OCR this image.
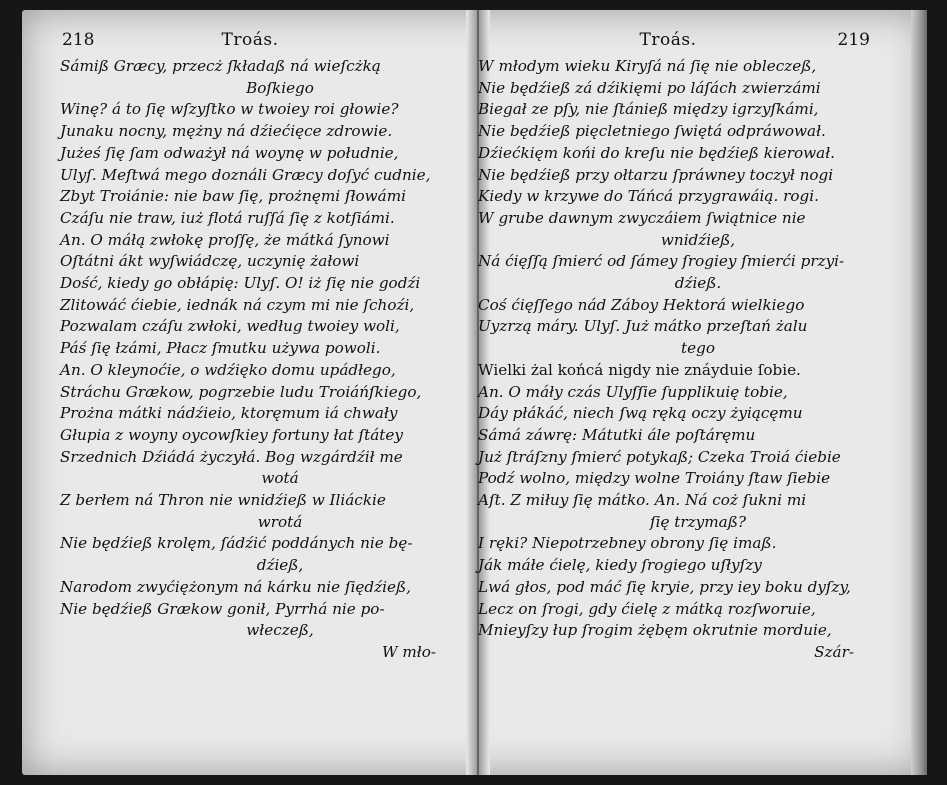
218	Troás.
Sámiß Græcy, przecż ſkładaß ná wieſcżką
Boſkiego
Winę? á to ſię wſzyſtko w twoiey roi głowie?
Junaku nocny, mężny ná dźiećięce zdrowie.
Jużeś ſię ſam odważył ná woynę w południe,
Ulyſ. Meſtwá mego doználi Græcy doſyć cudnie,
Zbyt Troiánie: nie baw ſię, prożnęmi ſłowámi
Czáſu nie traw, iuż flotá ruſſá ſię z kotſiámi.
An. O máłą zwłokę proſſę, że mátká ſynowi
Oſtátni ákt wyſwiádczę, uczynię żałowi
Dość, kiedy go obłápię: Ulyſ. O! iż ſię nie godźi
Zlitowáć ćiebie, iednák ná czym mi nie ſchoźi,
Pozwalam czáſu zwłoki, według twoiey woli,
Páś ſię łzámi, Płacz ſmutku używa powoli.
An. O kleynoćie, o wdźięko domu upádłego,
Stráchu Grækow, pogrzebie ludu Troiáńſkiego,
Prożna mátki nádźieio, ktoręmum iá chwały
Głupia z woyny oycowſkiey fortuny łat ſtátey
Srzednich Dźiádá życzyłá. Bog wzgárdźił me
wotá
Z berłem ná Thron nie wnidźieß w Iliáckie
wrotá
Nie będźieß krolęm, ſádźić poddánych nie bę-
dźieß,
Narodom zwyćiężonym ná kárku nie ſiędźieß,
Nie będźieß Grækow gonił, Pyrrhá nie po-
włeczeß,
W mło-
Troás.	219
W młodym wieku Kiryſá ná ſię nie obleczeß,
Nie będźieß zá dźikięmi po láſách zwierzámi
Biegał ze pſy, nie ſtánieß między igrzyſkámi,
Nie będźieß pięcletniego ſwiętá odpráwował.
Dźiećkięm końi do kreſu nie będźieß kierował.
Nie będźieß przy ołtarzu ſpráwney toczył nogi
Kiedy w krzywe do Táńcá przygrawáią. rogi.
W grube dawnym zwyczáiem ſwiątnice nie
wnidźieß,
Ná ćięſſą ſmierć od ſámey ſrogiey ſmierći przyi-
dźieß.
Coś ćięſſego nád Záboy Hektorá wielkiego
Uyzrzą máry. Ulyſ. Już mátko przeſtań żalu
tego
Wielki żal końcá nigdy nie znáyduie ſobie.
An. O máły czás Ulyſſie ſupplikuię tobie,
Dáy płákáć, niech ſwą ręką oczy żyiącęmu
Sámá záwrę: Mátutki ále poſtáręmu
Już ſtráſzny ſmierć potykaß; Czeka Troiá ćiebie
Podź wolno, między wolne Troiány ſtaw ſiebie
Aſt. Z miłuy ſię mátko. An. Ná coż ſukni mi
ſię trzymaß?
I ręki? Niepotrzebney obrony ſię imaß.
Ják máłe ćielę, kiedy ſrogiego uſłyſzy
Lwá głos, pod máć ſię kryie, przy iey boku dyſzy,
Lecz on ſrogi, gdy ćielę z mátką rozſworuie,
Mnieyſzy łup ſrogim żębęm okrutnie morduie,
Szár-
